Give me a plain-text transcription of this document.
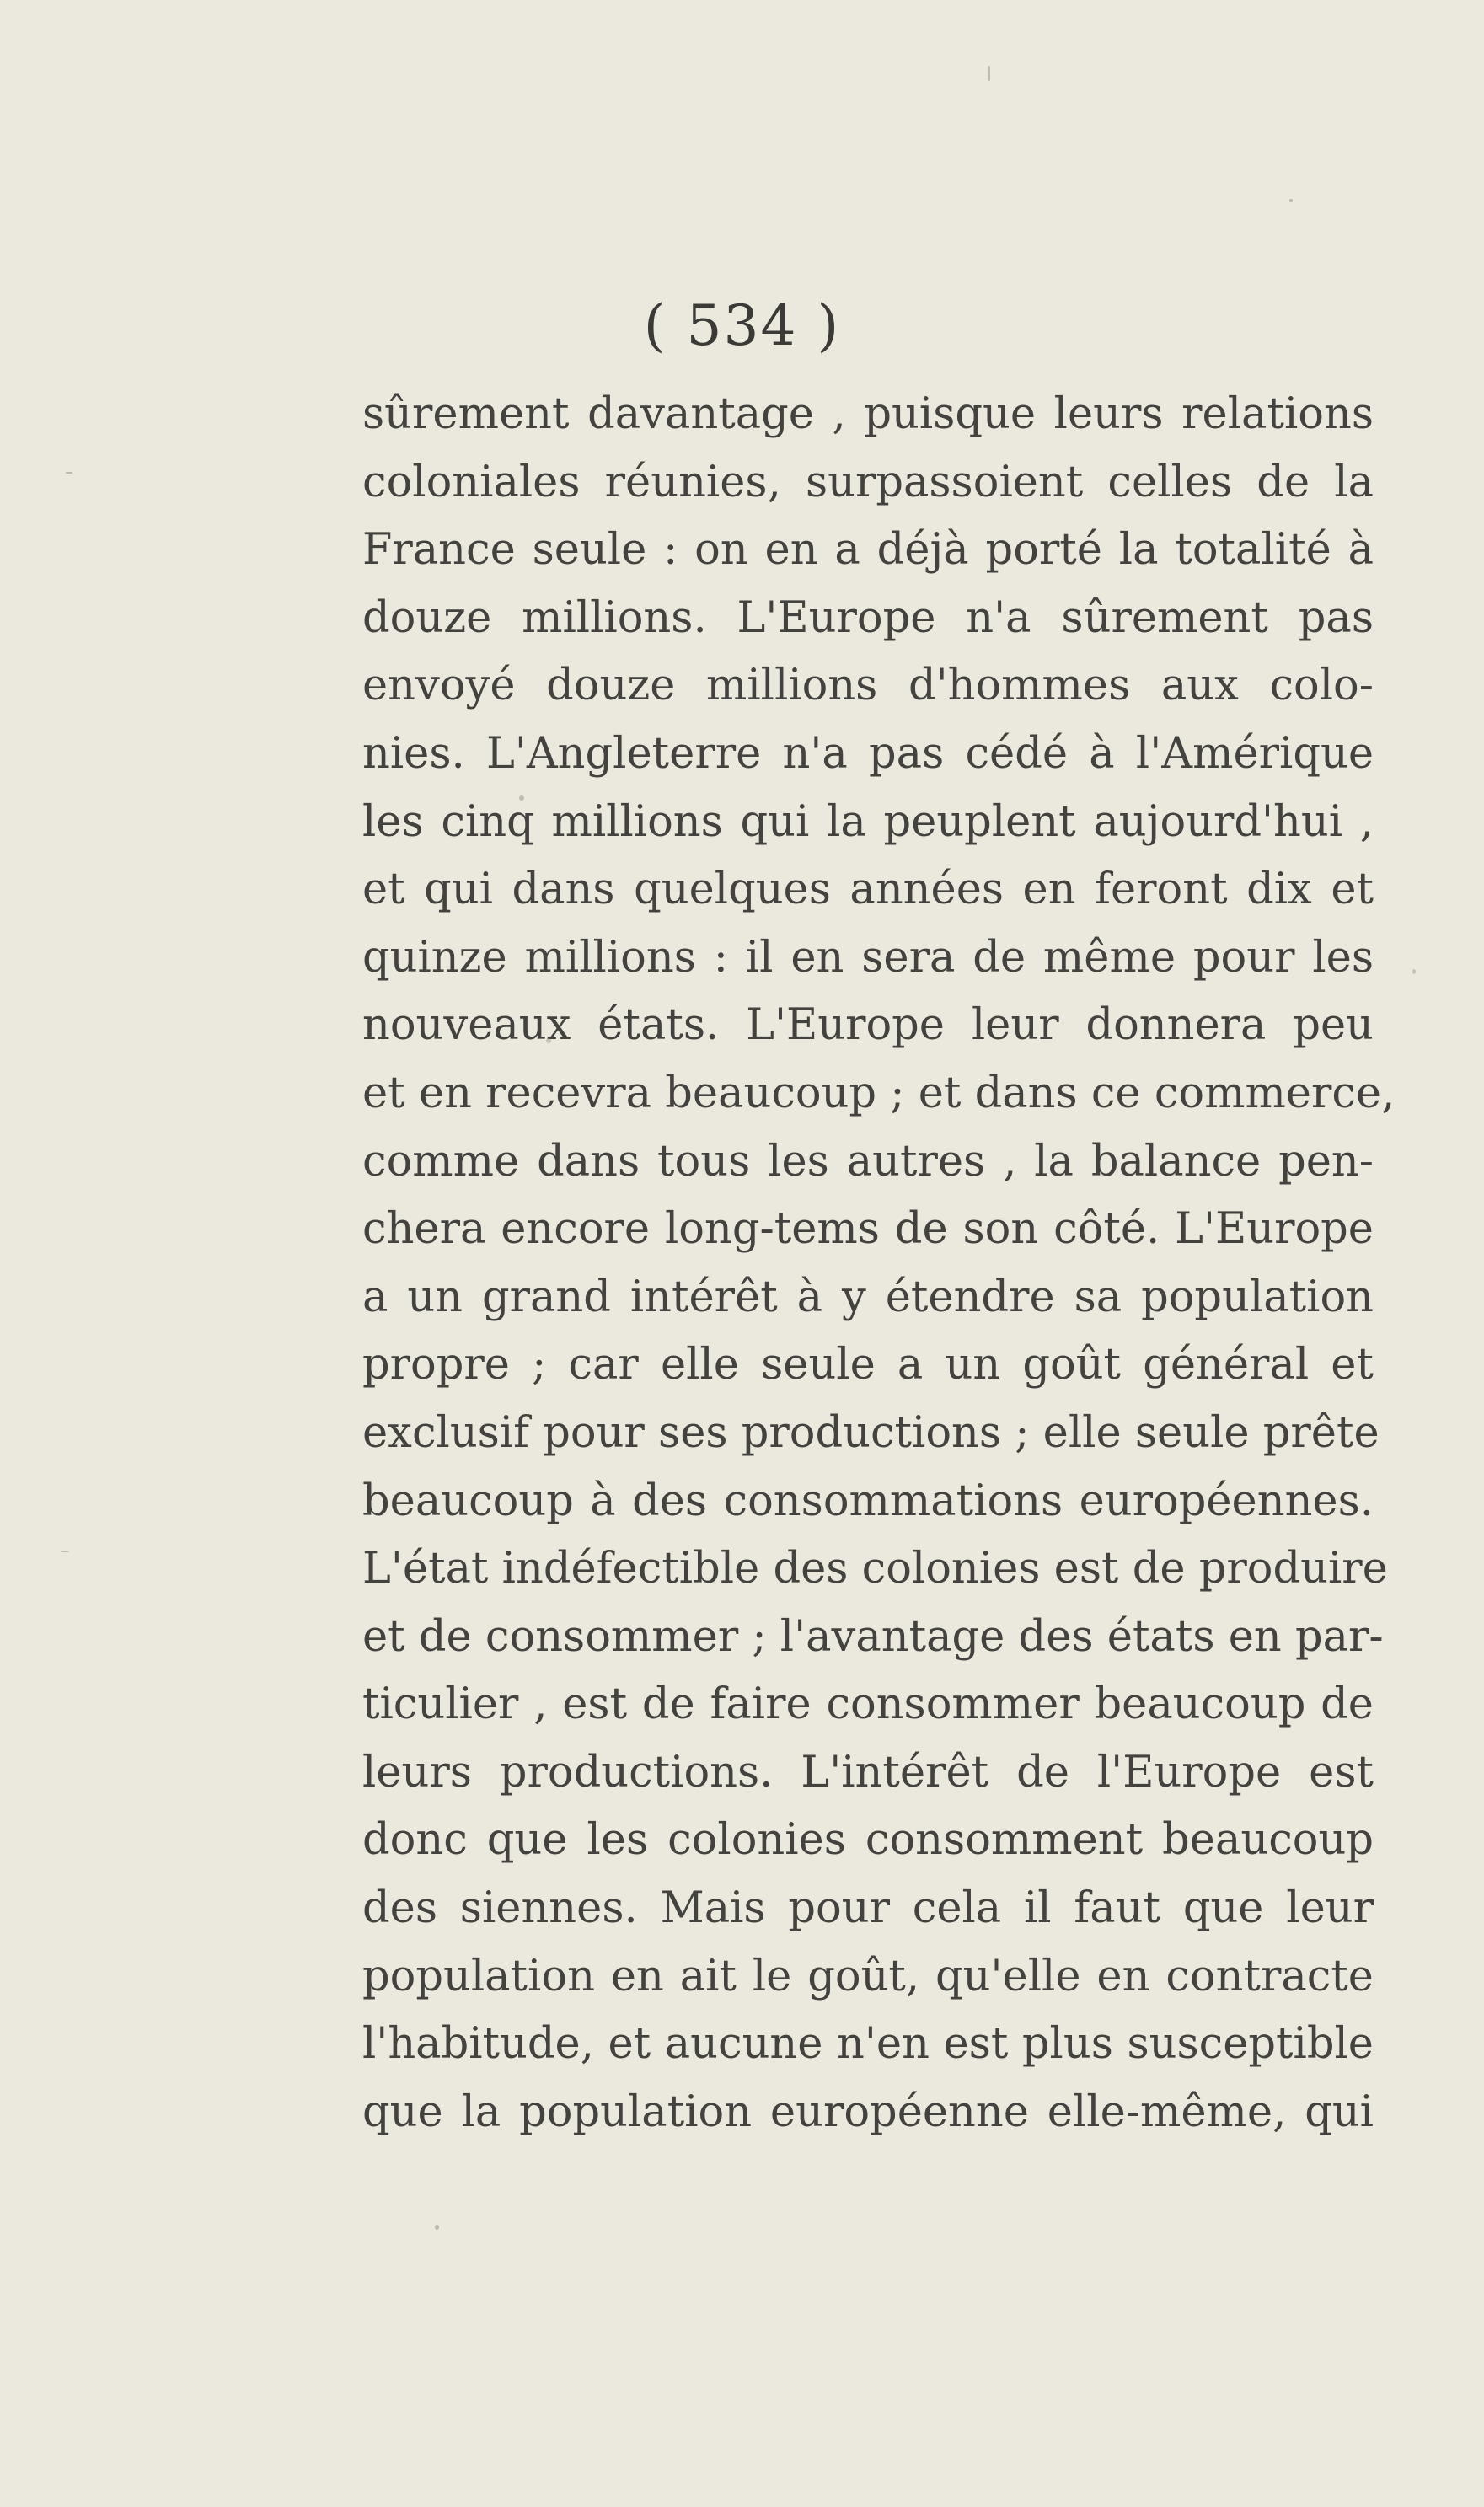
( 534 )
sûrement davantage , puisque leurs relations
coloniales réunies, surpassoient celles de la
France seule : on en a déjà porté la totalité à
douze millions. L'Europe n'a sûrement pas
envoyé douze millions d'hommes aux colo-
nies. L'Angleterre n'a pas cédé à l'Amérique
les cinq millions qui la peuplent aujourd'hui ,
et qui dans quelques années en feront dix et
quinze millions : il en sera de même pour les
nouveaux états. L'Europe leur donnera peu
et en recevra beaucoup ; et dans ce commerce,
comme dans tous les autres , la balance pen-
chera encore long-tems de son côté. L'Europe
a un grand intérêt à y étendre sa population
propre ; car elle seule a un goût général et
exclusif pour ses productions ; elle seule prête
beaucoup à des consommations européennes.
L'état indéfectible des colonies est de produire
et de consommer ; l'avantage des états en par-
ticulier , est de faire consommer beaucoup de
leurs productions. L'intérêt de l'Europe est
donc que les colonies consomment beaucoup
des siennes. Mais pour cela il faut que leur
population en ait le goût, qu'elle en contracte
l'habitude, et aucune n'en est plus susceptible
que la population européenne elle-même, qui
